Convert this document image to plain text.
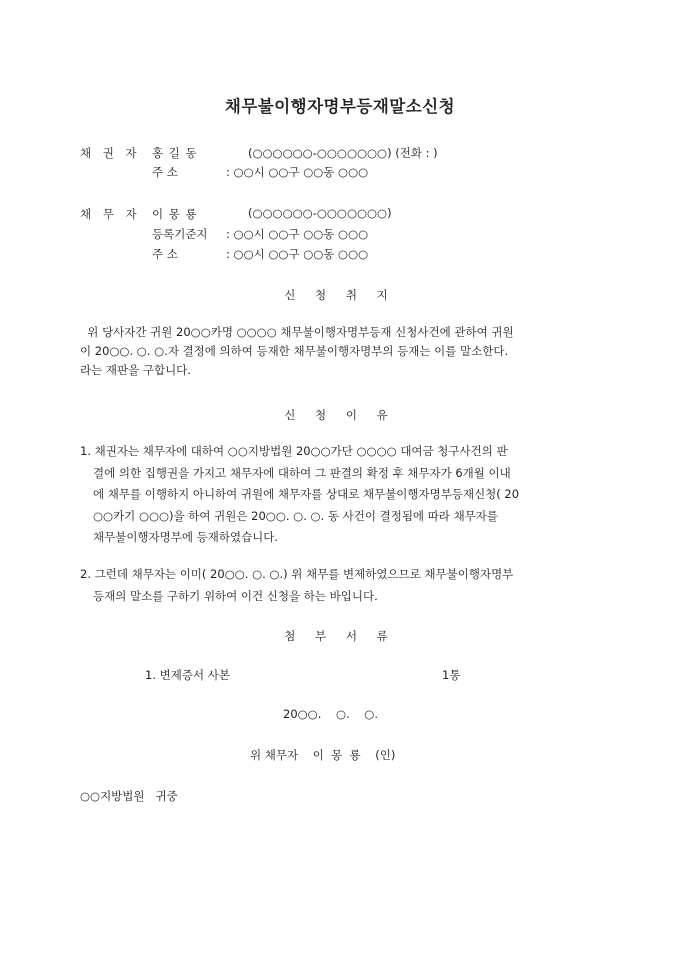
채무불이행자명부등재말소신청
채 권 자 홍 길 동	(○○○○○○-○○○○○○○) (전화 : )
주 소	: ○○시 ○○구 ○○동 ○○○
채 무 자 이 몽 룡	(○○○○○○-○○○○○○○)
등록기준지 : ○○시 ○○구 ○○동 ○○○
주 소	: ○○시 ○○구 ○○동 ○○○
신 청 취 지
위 당사자간 귀원 20○○카명 ○○○○ 채무불이행자명부등재 신청사건에 관하여 귀원
이 20○○. ○. ○.자 결정에 의하여 등재한 채무불이행자명부의 등재는 이를 말소한다.
라는 재판을 구합니다.
신 청 이 유
1. 채권자는 채무자에 대하여 ○○지방법원 20○○가단 ○○○○ 대여금 청구사건의 판
결에 의한 집행권을 가지고 채무자에 대하여 그 판결의 확정 후 채무자가 6개월 이내
에 채무를 이행하지 아니하여 귀원에 채무자를 상대로 채무불이행자명부등재신청( 20
○○카기 ○○○)을 하여 귀원은 20○○. ○. ○. 동 사건이 결정됨에 따라 채무자를
채무불이행자명부에 등재하였습니다.
2. 그런데 채무자는 이미( 20○○. ○. ○.) 위 채무를 변제하였으므로 채무불이행자명부
등재의 말소를 구하기 위하여 이건 신청을 하는 바입니다.
첨 부 서 류
1. 변제증서 사본	1통
20○○.    ○.    ○.
위 채무자    이  몽  룡    (인)
○○지방법원   귀중
